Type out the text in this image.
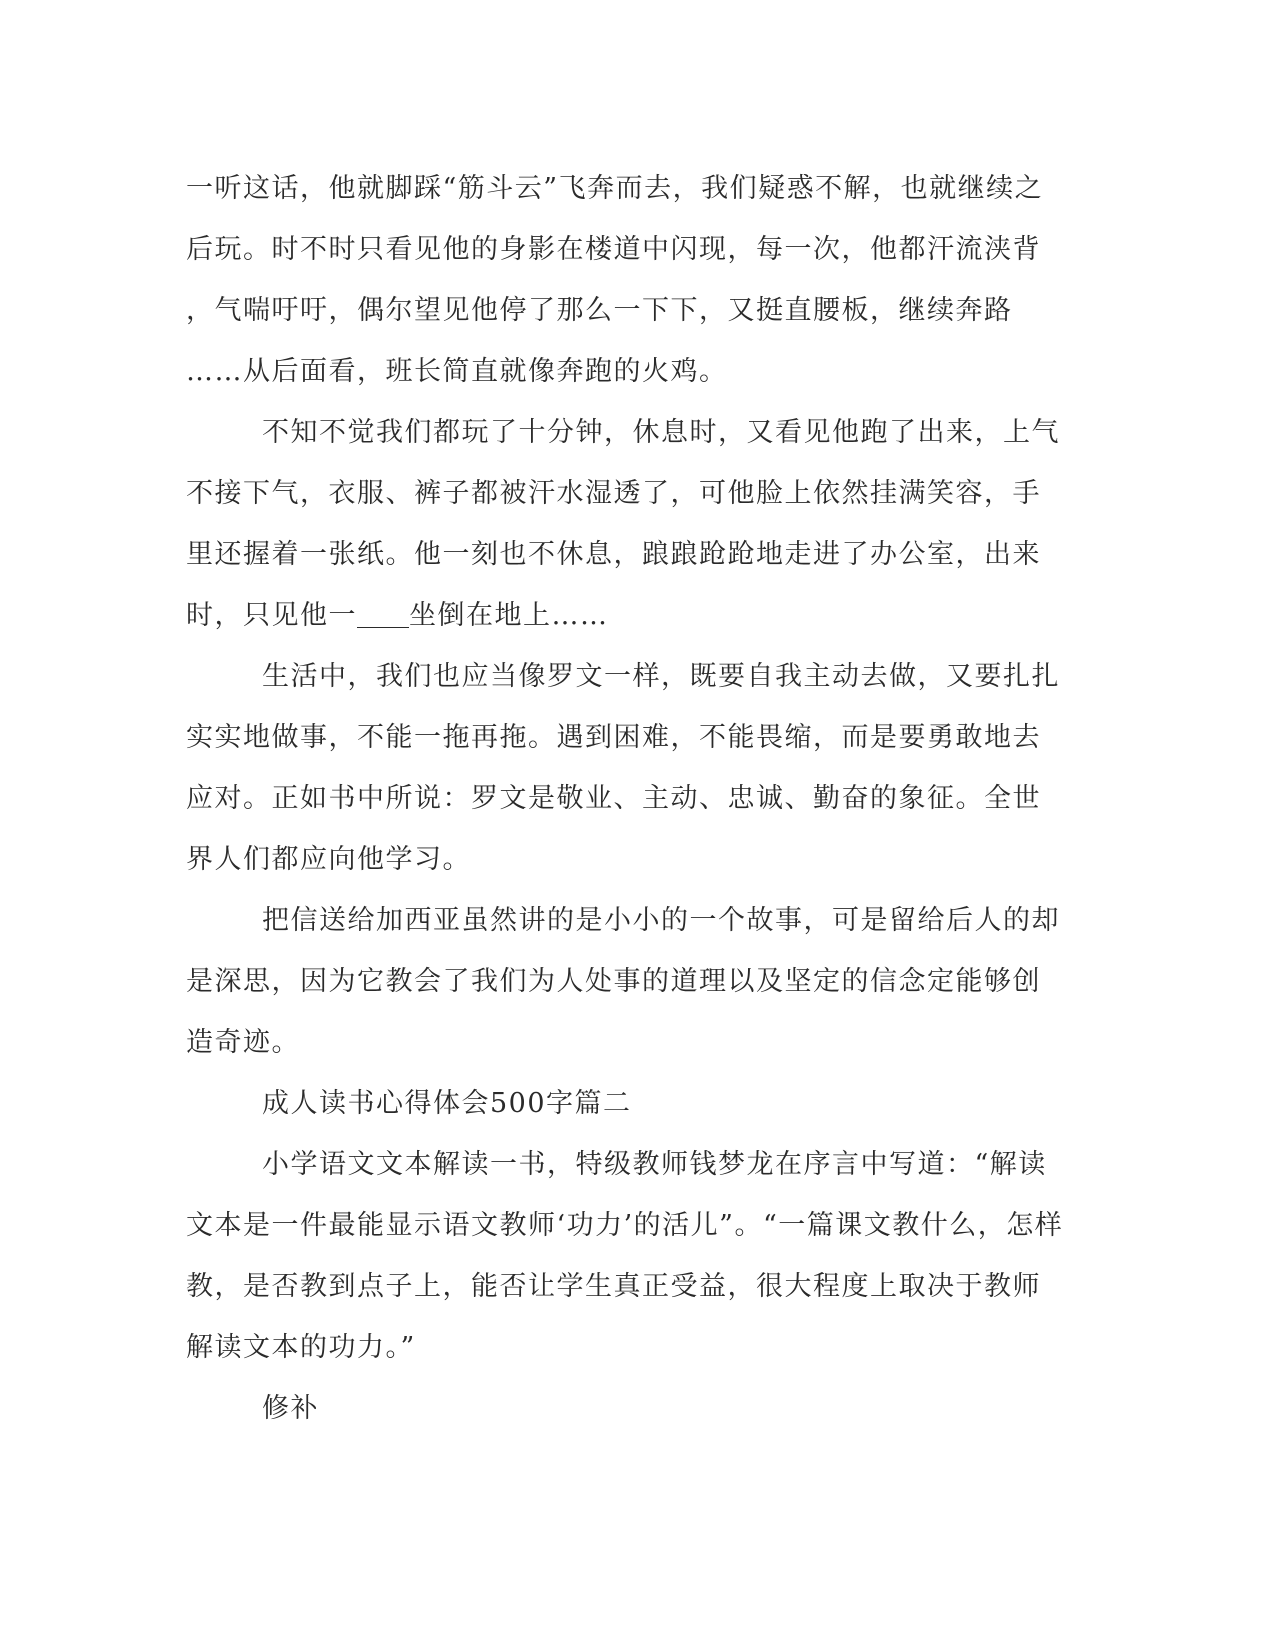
一听这话，他就脚踩“筋斗云”飞奔而去，我们疑惑不解，也就继续之
后玩。时不时只看见他的身影在楼道中闪现，每一次，他都汗流浃背
，气喘吁吁，偶尔望见他停了那么一下下，又挺直腰板，继续奔路
……从后面看，班长简直就像奔跑的火鸡。
不知不觉我们都玩了十分钟，休息时，又看见他跑了出来，上气
不接下气，衣服、裤子都被汗水湿透了，可他脸上依然挂满笑容，手
里还握着一张纸。他一刻也不休息，踉踉跄跄地走进了办公室，出来
时，只见他一 坐倒在地上……
生活中，我们也应当像罗文一样，既要自我主动去做，又要扎扎
实实地做事，不能一拖再拖。遇到困难，不能畏缩，而是要勇敢地去
应对。正如书中所说：罗文是敬业、主动、忠诚、勤奋的象征。全世
界人们都应向他学习。
把信送给加西亚虽然讲的是小小的一个故事，可是留给后人的却
是深思，因为它教会了我们为人处事的道理以及坚定的信念定能够创
造奇迹。
成人读书心得体会500字篇二
小学语文文本解读一书，特级教师钱梦龙在序言中写道：“解读
文本是一件最能显示语文教师‘功力’的活儿”。“一篇课文教什么，怎样
教，是否教到点子上，能否让学生真正受益，很大程度上取决于教师
解读文本的功力。”
修补
